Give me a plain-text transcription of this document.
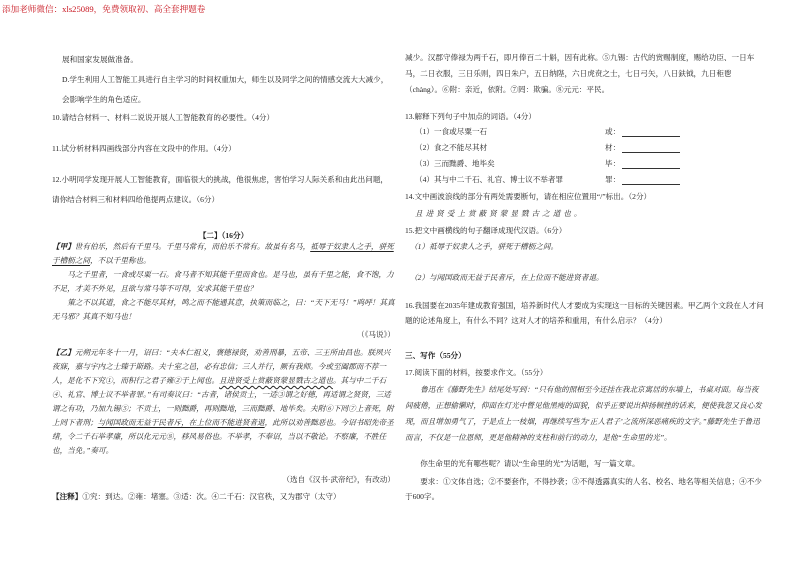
添加老师微信：xls25089，免费领取初、高全套押题卷
展和国家发展做准备。
D.学生利用人工智能工具进行自主学习的时间权重加大，师生以及同学之间的情感交流大大减少，会影响学生的角色适应。
10.请结合材料一、材料二说说开展人工智能教育的必要性。（4分）
11.试分析材料四画线部分内容在文段中的作用。（4分）
12.小明同学发现开展人工智能教育，面临很大的挑战，他很焦虑，害怕学习人际关系和由此出问题，请你结合材料三和材料四给他提两点建议。（6分）
【二】（16分）

【甲】世有伯乐，然后有千里马。千里马常有，而伯乐不常有。故虽有名马，祗辱于奴隶人之手，骈死于槽枥之间，不以千里称也。

马之千里者，一食或尽粟一石。食马者不知其能千里而食也。是马也，虽有千里之能，食不饱，力不足，才美不外见，且欲与常马等不可得，安求其能千里也？

策之不以其道，食之不能尽其材，鸣之而不能通其意，执策而临之，曰：“天下无马！”呜呼！其真无马邪？其真不知马也！

（《马说》）

【乙】元朔元年冬十一月，诏曰：“夫本仁祖义，褒德禄贤，劝善刑暴，五帝、三王所由昌也。朕夙兴夜寐，嘉与宇内之士臻于斯路。夫十室之邑，必有忠信；三人并行，厥有我师。今或至阖郡而不荐一人，是化不下究①，而积行之君子雍②于上闻也。且进贤受上赏蔽贤蒙显戮古之道也。其与中二千石④、礼官、博士议不举者罪。”有司奏议曰：“古者，诸侯贡士，一适③谓之好德，再适谓之贤贤，三适谓之有功，乃加九锡⑤；不贡士，一则黜爵，再则黜地，三而黜爵、地毕矣。夫附⑥下罔⑦上者死，附上罔下者刑；与闻国政而无益于民者斥，在上位而不能进贤者退，此所以劝善黜恶也。今诏书昭先帝圣绪，令二千石举孝廉，所以化元元⑧，移风易俗也。不举孝，不奉诏，当以不敬论。不察廉，不胜任也，当免。”奏可。

（选自《汉书·武帝纪》，有改动）
【注释】①究：到达。②雍：堵塞。③适：次。④二千石：汉官秩，又为郡守（太守）
减少。汉郡守俸禄为两千石，即月俸百二十斛，因有此称。⑤九锡：古代的赏赐制度，赐给功臣、一日车马，二日衣服，三日乐则，四日朱户，五日纳陛，六日虎贲之士，七日弓矢，八日鈇钺，九日秬鬯（chàng）。⑥附：亲近，依附。⑦罔：欺骗。⑧元元：平民。
13.解释下列句子中加点的词语。（4分）
（1）一食或尽粟一石	或：
（2）食之不能尽其材	材：
（3）三而黜爵、地毕矣	毕：
（4）其与中二千石、礼官、博士议不举者罪	罪：
14.文中画波浪线的部分有两处需要断句，请在相应位置用“/”标出。（2分）
且进贤受上赏蔽贤蒙显戮古之道也。
15.把文中画横线的句子翻译成现代汉语。（6分）
（1）祗辱于奴隶人之手，骈死于槽枥之间。
（2）与闻国政而无益于民者斥，在上位而不能进贤者退。
16.我国要在2035年建成教育强国，培养新时代人才要成为实现这一目标的关键因素。甲乙两个文段在人才问题的论述角度上，有什么不同？这对人才的培养和重用，有什么启示？（4分）
三、写作（55分）
17.阅读下面的材料，按要求作文。（55分）
鲁迅在《藤野先生》结尾处写到：“只有他的照相至今还挂在我北京寓居的东墙上，书桌对面。每当夜间疲倦，正想偷懒时，仰面在灯光中瞥见他黑瘦的面貌，似乎正要说出抑扬顿挫的话来，便使我忽又良心发现，而且增加勇气了，于是点上一枝烟，再继续写些为‘正人君子’之流所深恶痛疾的文字。”藤野先生于鲁迅而言，不仅是一位恩师，更是他精神的支柱和前行的动力，是他“生命里的光”。
你生命里的光有哪些呢？请以“生命里的光”为话题，写一篇文章。
要求：①文体自选；②不要套作，不得抄袭；③不得透露真实的人名、校名、地名等相关信息；④不少于600字。
